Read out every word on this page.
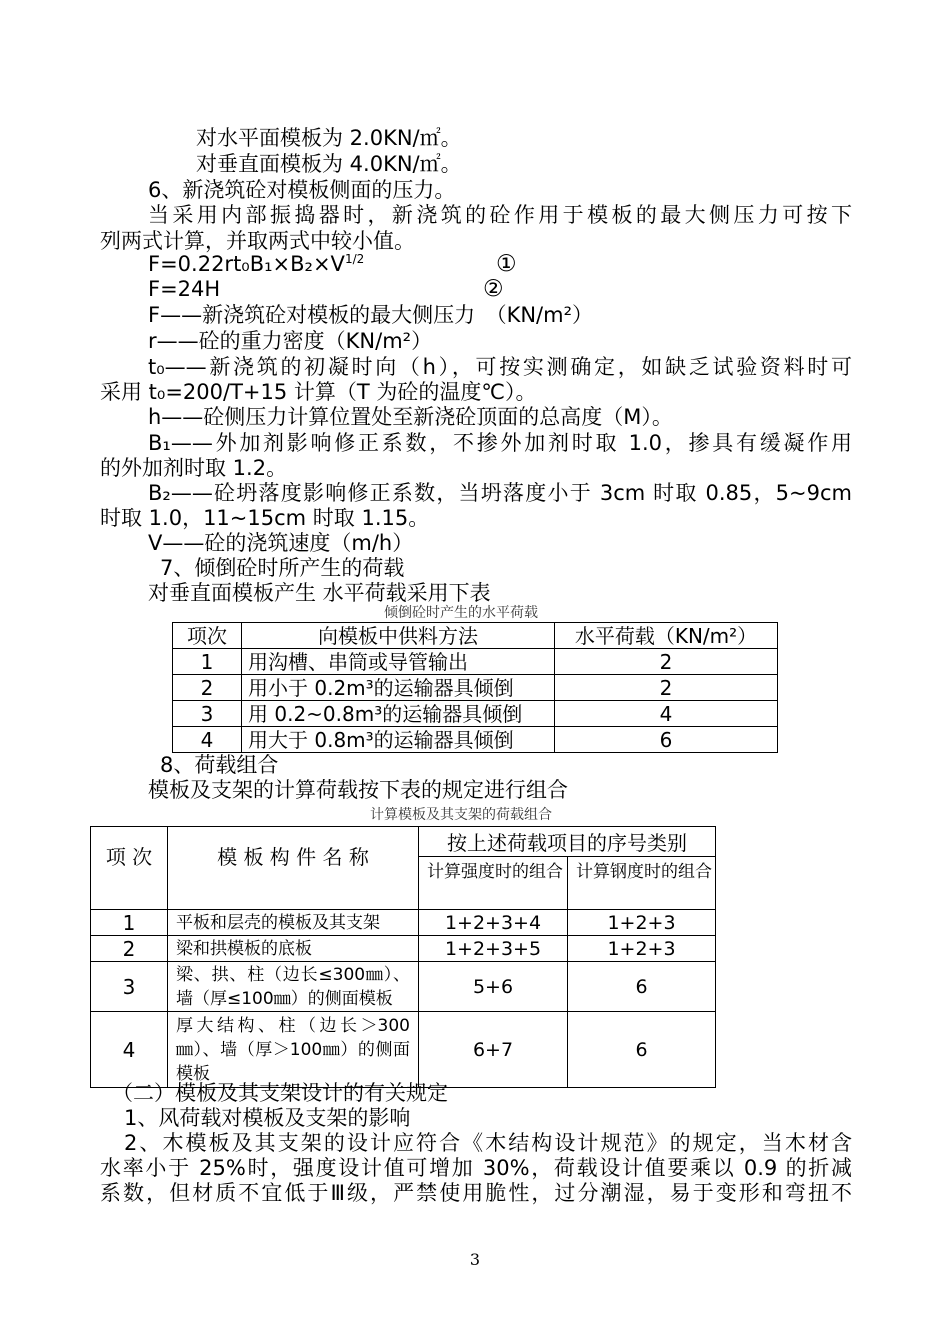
对水平面模板为 2.0KN/㎡。

对垂直面模板为 4.0KN/㎡。

6、新浇筑砼对模板侧面的压力。

当采用内部振捣器时，新浇筑的砼作用于模板的最大侧压力可按下

列两式计算，并取两式中较小值。

$F=0.22rt_0B_1\times B_2\times V^{1/2}$	①

F=24H	②

F——新浇筑砼对模板的最大侧压力　（KN/m²）

r——砼的重力密度（KN/m²）

t₀——新浇筑的初凝时向（h），可按实测确定，如缺乏试验资料时可

采用 t₀=200/T+15 计算（T 为砼的温度℃）。

h——砼侧压力计算位置处至新浇砼顶面的总高度（M）。

B₁——外加剂影响修正系数，不掺外加剂时取 1.0，掺具有缓凝作用

的外加剂时取 1.2。

B₂——砼坍落度影响修正系数，当坍落度小于 3cm 时取 0.85，5~9cm

时取 1.0，11~15cm 时取 1.15。

V——砼的浇筑速度（m/h）

7、倾倒砼时所产生的荷载

对垂直面模板产生 水平荷载采用下表

倾倒砼时产生的水平荷载
项次	向模板中供料方法	水平荷载（KN/m²）
1	用沟槽、串筒或导管输出	2
2	用小于 0.2m³的运输器具倾倒	2
3	用 0.2~0.8m³的运输器具倾倒	4
4	用大于 0.8m³的运输器具倾倒	6

8、荷载组合

模板及支架的计算荷载按下表的规定进行组合

计算模板及其支架的荷载组合
项 次	模 板 构 件 名 称	按上述荷载项目的序号类别	
		计算强度时的组合	计算钢度时的组合
1	平板和层壳的模板及其支架	1+2+3+4	1+2+3
2	梁和拱模板的底板	1+2+3+5	1+2+3
3	梁、拱、柱（边长≤300㎜）、墙（厚≤100㎜）的侧面模板	5+6	6
4	厚大结构、柱（边长＞300㎜）、墙（厚＞100㎜）的侧面模板	6+7	6

（二）模板及其支架设计的有关规定

1、风荷载对模板及支架的影响

2、木模板及其支架的设计应符合《木结构设计规范》的规定，当木材含

水率小于 25%时，强度设计值可增加 30%，荷载设计值要乘以 0.9 的折减

系数，但材质不宜低于Ⅲ级，严禁使用脆性，过分潮湿，易于变形和弯扭不

3
